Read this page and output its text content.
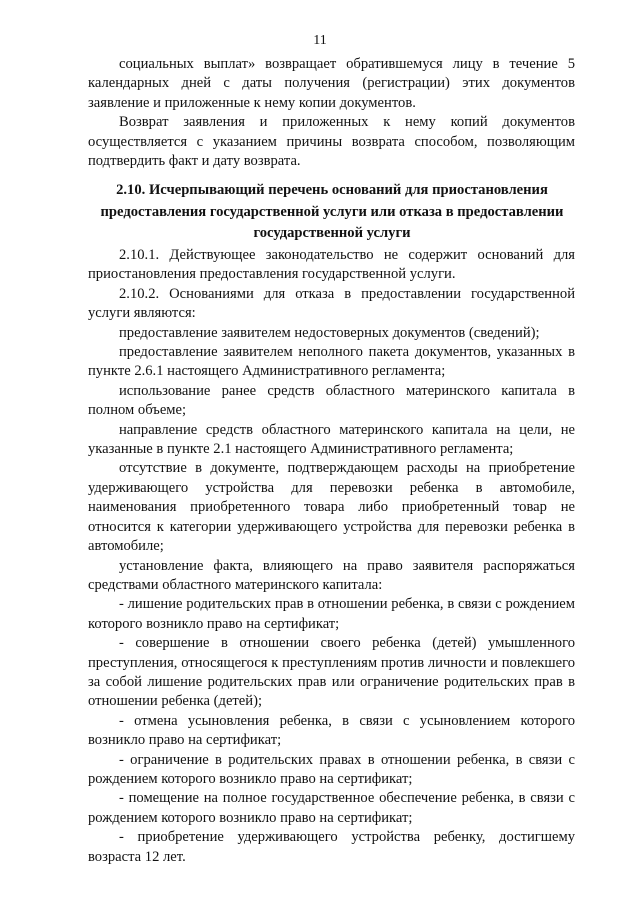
11

социальных выплат» возвращает обратившемуся лицу в течение 5 календарных дней с даты получения (регистрации) этих документов заявление и приложенные к нему копии документов.

Возврат заявления и приложенных к нему копий документов осуществляется с указанием причины возврата способом, позволяющим подтвердить факт и дату возврата.

2.10. Исчерпывающий перечень оснований для приостановления предоставления государственной услуги или отказа в предоставлении государственной услуги

2.10.1. Действующее законодательство не содержит оснований для приостановления предоставления государственной услуги.

2.10.2. Основаниями для отказа в предоставлении государственной услуги являются:

предоставление заявителем недостоверных документов (сведений);

предоставление заявителем неполного пакета документов, указанных в пункте 2.6.1 настоящего Административного регламента;

использование ранее средств областного материнского капитала в полном объеме;

направление средств областного материнского капитала на цели, не указанные в пункте 2.1 настоящего Административного регламента;

отсутствие в документе, подтверждающем расходы на приобретение удерживающего устройства для перевозки ребенка в автомобиле, наименования приобретенного товара либо приобретенный товар не относится к категории удерживающего устройства для перевозки ребенка в автомобиле;

установление факта, влияющего на право заявителя распоряжаться средствами областного материнского капитала:

- лишение родительских прав в отношении ребенка, в связи с рождением которого возникло право на сертификат;

- совершение в отношении своего ребенка (детей) умышленного преступления, относящегося к преступлениям против личности и повлекшего за собой лишение родительских прав или ограничение родительских прав в отношении ребенка (детей);

- отмена усыновления ребенка, в связи с усыновлением которого возникло право на сертификат;

- ограничение в родительских правах в отношении ребенка, в связи с рождением которого возникло право на сертификат;

- помещение на полное государственное обеспечение ребенка, в связи с рождением которого возникло право на сертификат;

- приобретение удерживающего устройства ребенку, достигшему возраста 12 лет.
